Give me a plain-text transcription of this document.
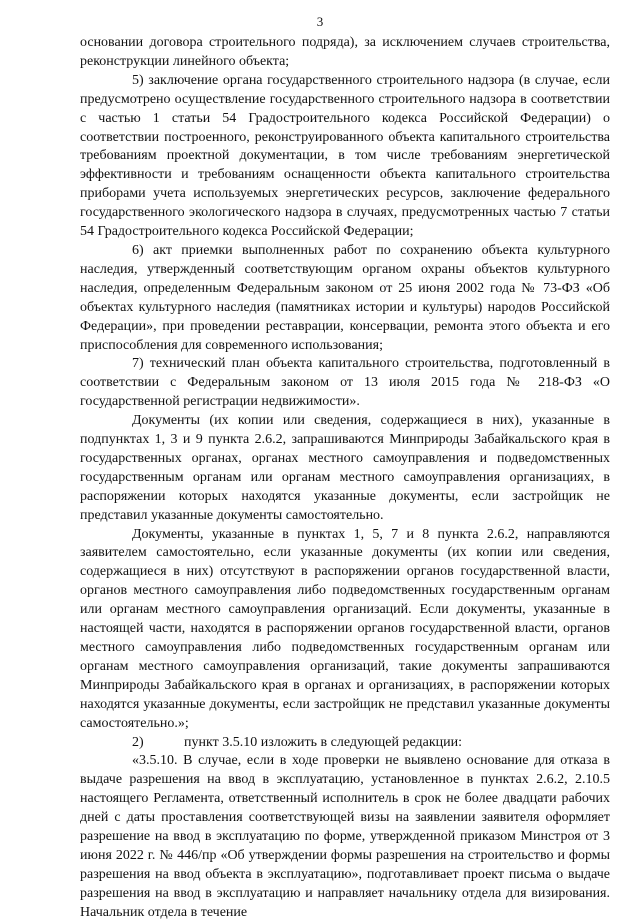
3

основании договора строительного подряда), за исключением случаев строительства, реконструкции линейного объекта;

5) заключение органа государственного строительного надзора (в случае, если предусмотрено осуществление государственного строительного надзора в соответствии с частью 1 статьи 54 Градостроительного кодекса Российской Федерации) о соответствии построенного, реконструированного объекта капитального строительства требованиям проектной документации, в том числе требованиям энергетической эффективности и требованиям оснащенности объекта капитального строительства приборами учета используемых энергетических ресурсов, заключение федерального государственного экологического надзора в случаях, предусмотренных частью 7 статьи 54 Градостроительного кодекса Российской Федерации;

6) акт приемки выполненных работ по сохранению объекта культурного наследия, утвержденный соответствующим органом охраны объектов культурного наследия, определенным Федеральным законом от 25 июня 2002 года № 73-ФЗ «Об объектах культурного наследия (памятниках истории и культуры) народов Российской Федерации», при проведении реставрации, консервации, ремонта этого объекта и его приспособления для современного использования;

7) технический план объекта капитального строительства, подготовленный в соответствии с Федеральным законом от 13 июля 2015 года № 218-ФЗ «О государственной регистрации недвижимости».

Документы (их копии или сведения, содержащиеся в них), указанные в подпунктах 1, 3 и 9 пункта 2.6.2, запрашиваются Минприроды Забайкальского края в государственных органах, органах местного самоуправления и подведомственных государственным органам или органам местного самоуправления организациях, в распоряжении которых находятся указанные документы, если застройщик не представил указанные документы самостоятельно.

Документы, указанные в пунктах 1, 5, 7 и 8 пункта 2.6.2, направляются заявителем самостоятельно, если указанные документы (их копии или сведения, содержащиеся в них) отсутствуют в распоряжении органов государственной власти, органов местного самоуправления либо подведомственных государственным органам или органам местного самоуправления организаций. Если документы, указанные в настоящей части, находятся в распоряжении органов государственной власти, органов местного самоуправления либо подведомственных государственным органам или органам местного самоуправления организаций, такие документы запрашиваются Минприроды Забайкальского края в органах и организациях, в распоряжении которых находятся указанные документы, если застройщик не представил указанные документы самостоятельно.»;

2)	пункт 3.5.10 изложить в следующей редакции:

«3.5.10. В случае, если в ходе проверки не выявлено основание для отказа в выдаче разрешения на ввод в эксплуатацию, установленное в пунктах 2.6.2, 2.10.5 настоящего Регламента, ответственный исполнитель в срок не более двадцати рабочих дней с даты проставления соответствующей визы на заявлении заявителя оформляет разрешение на ввод в эксплуатацию по форме, утвержденной приказом Минстроя от 3 июня 2022 г. № 446/пр «Об утверждении формы разрешения на строительство и формы разрешения на ввод объекта в эксплуатацию», подготавливает проект письма о выдаче разрешения на ввод в эксплуатацию и направляет начальнику отдела для визирования. Начальник отдела в течение
